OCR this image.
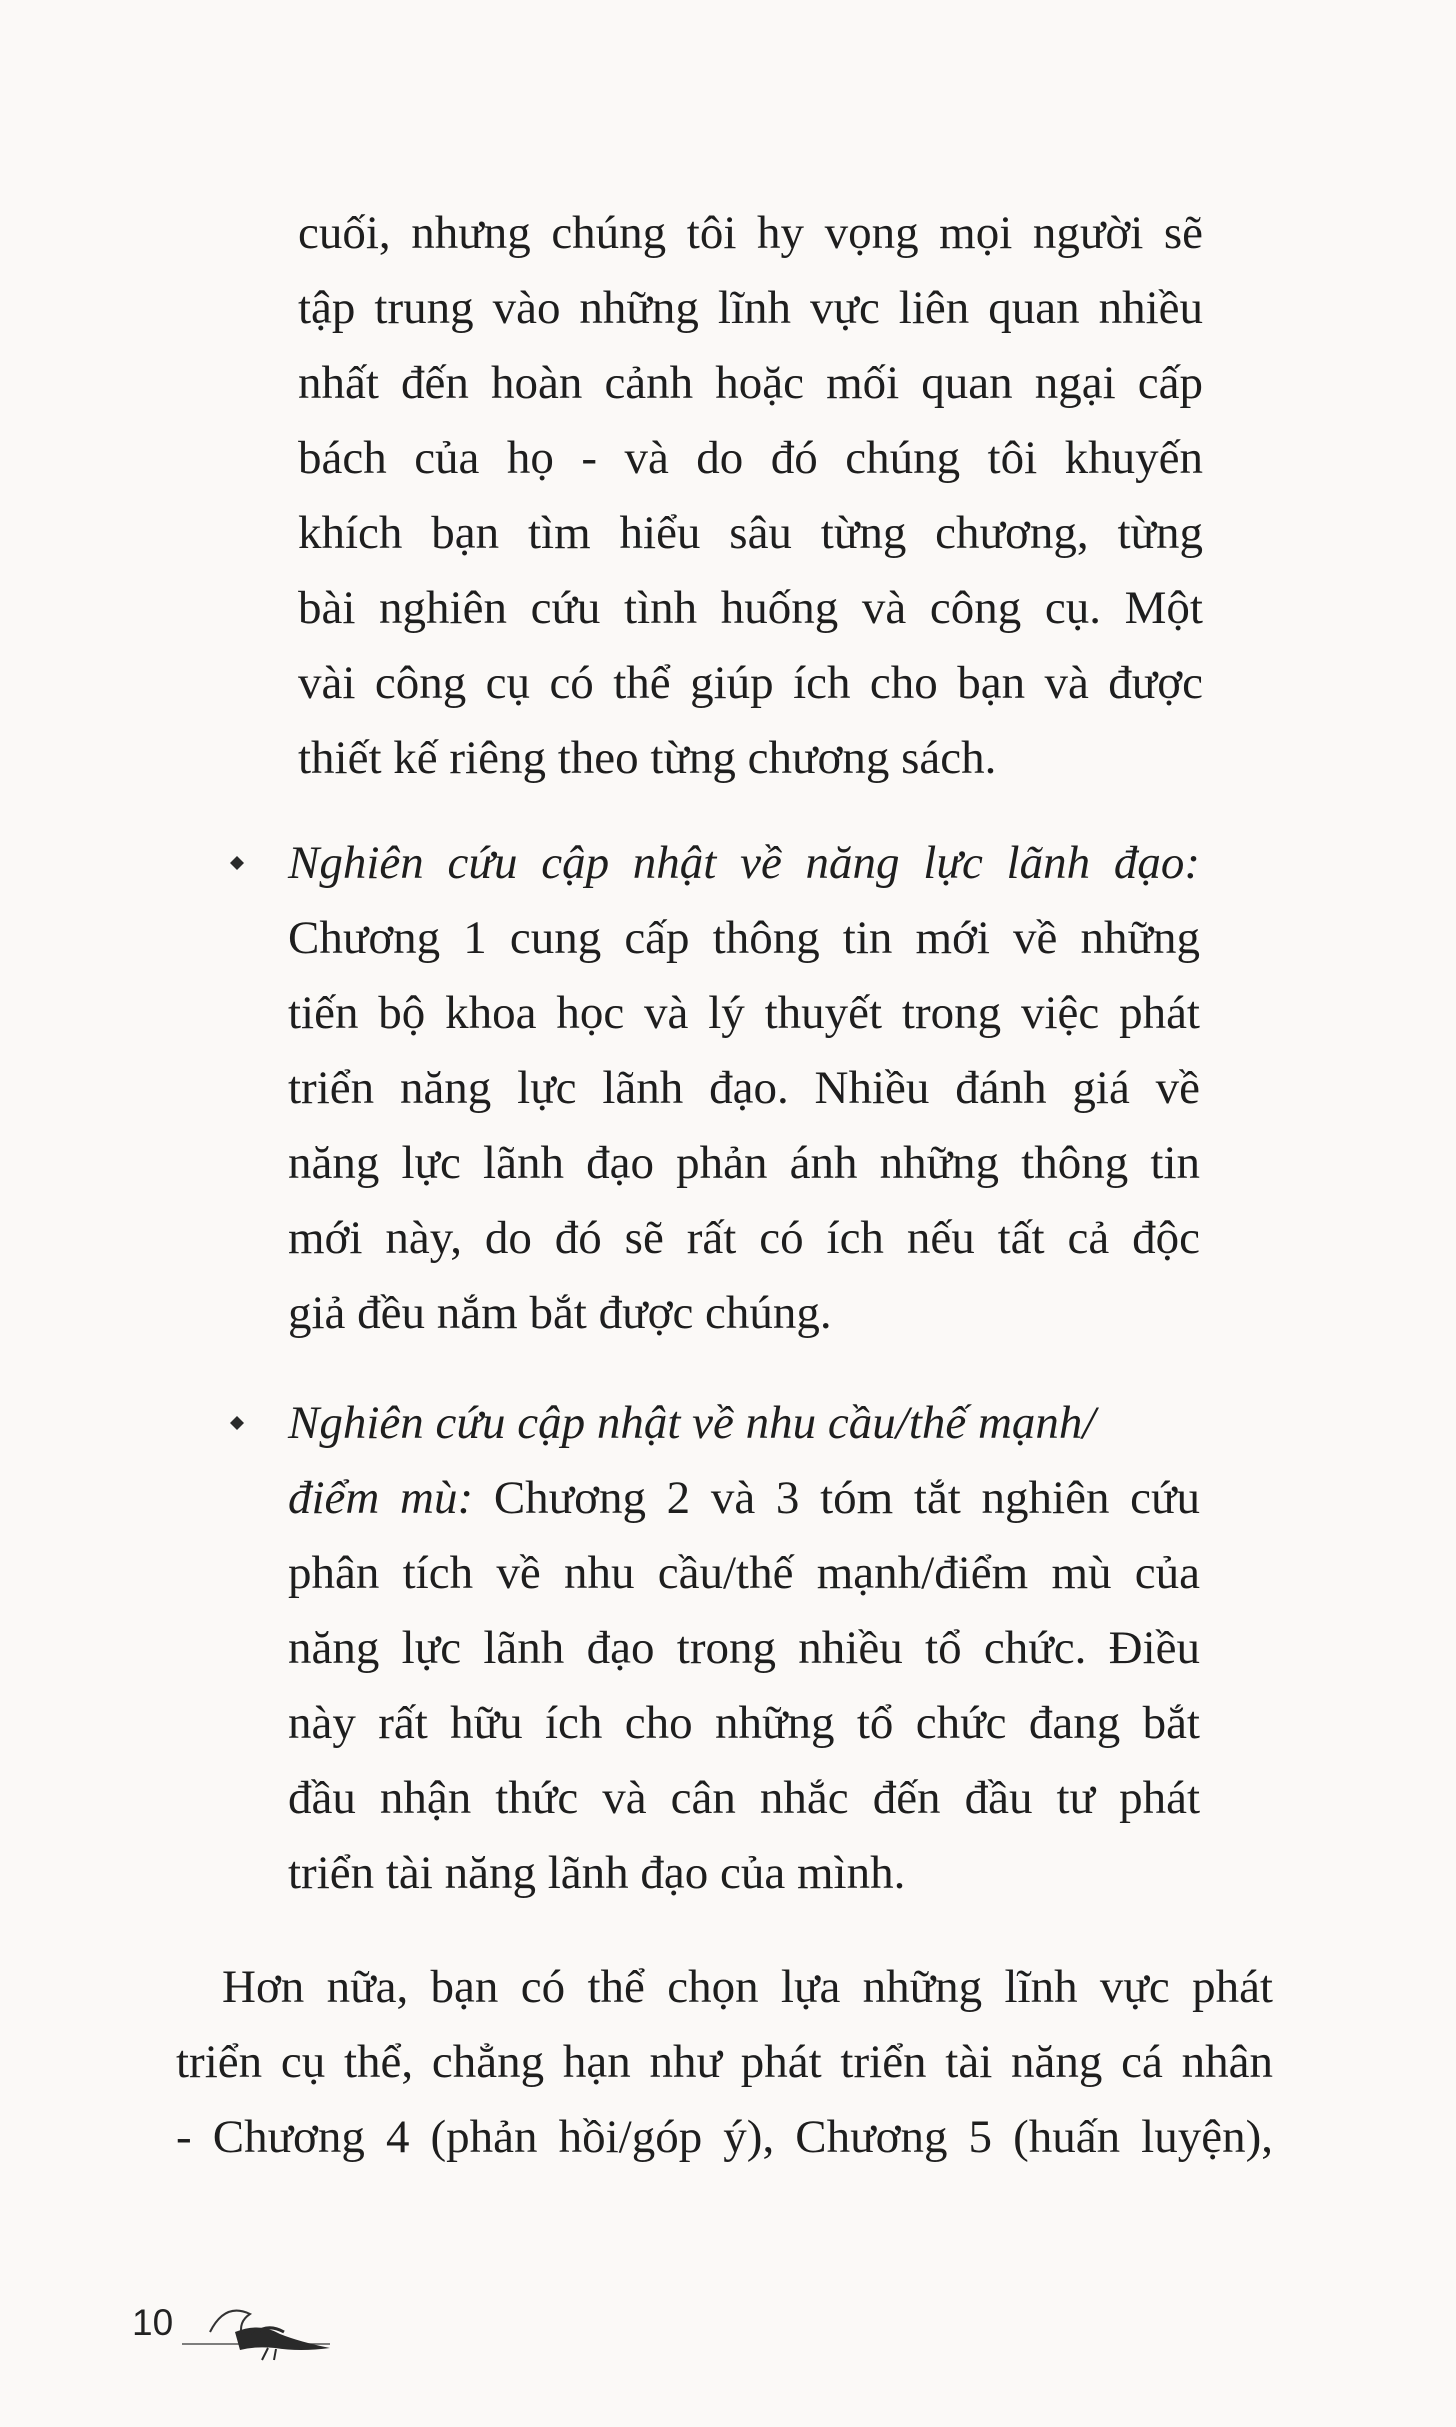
cuối, nhưng chúng tôi hy vọng mọi người sẽ
tập trung vào những lĩnh vực liên quan nhiều
nhất đến hoàn cảnh hoặc mối quan ngại cấp
bách của họ - và do đó chúng tôi khuyến
khích bạn tìm hiểu sâu từng chương, từng
bài nghiên cứu tình huống và công cụ. Một
vài công cụ có thể giúp ích cho bạn và được
thiết kế riêng theo từng chương sách.
Nghiên cứu cập nhật về năng lực lãnh đạo:
Chương 1 cung cấp thông tin mới về những
tiến bộ khoa học và lý thuyết trong việc phát
triển năng lực lãnh đạo. Nhiều đánh giá về
năng lực lãnh đạo phản ánh những thông tin
mới này, do đó sẽ rất có ích nếu tất cả độc
giả đều nắm bắt được chúng.
Nghiên cứu cập nhật về nhu cầu/thế mạnh/
điểm mù: Chương 2 và 3 tóm tắt nghiên cứu
phân tích về nhu cầu/thế mạnh/điểm mù của
năng lực lãnh đạo trong nhiều tổ chức. Điều
này rất hữu ích cho những tổ chức đang bắt
đầu nhận thức và cân nhắc đến đầu tư phát
triển tài năng lãnh đạo của mình.
Hơn nữa, bạn có thể chọn lựa những lĩnh vực phát
triển cụ thể, chẳng hạn như phát triển tài năng cá nhân
- Chương 4 (phản hồi/góp ý), Chương 5 (huấn luyện),
10
